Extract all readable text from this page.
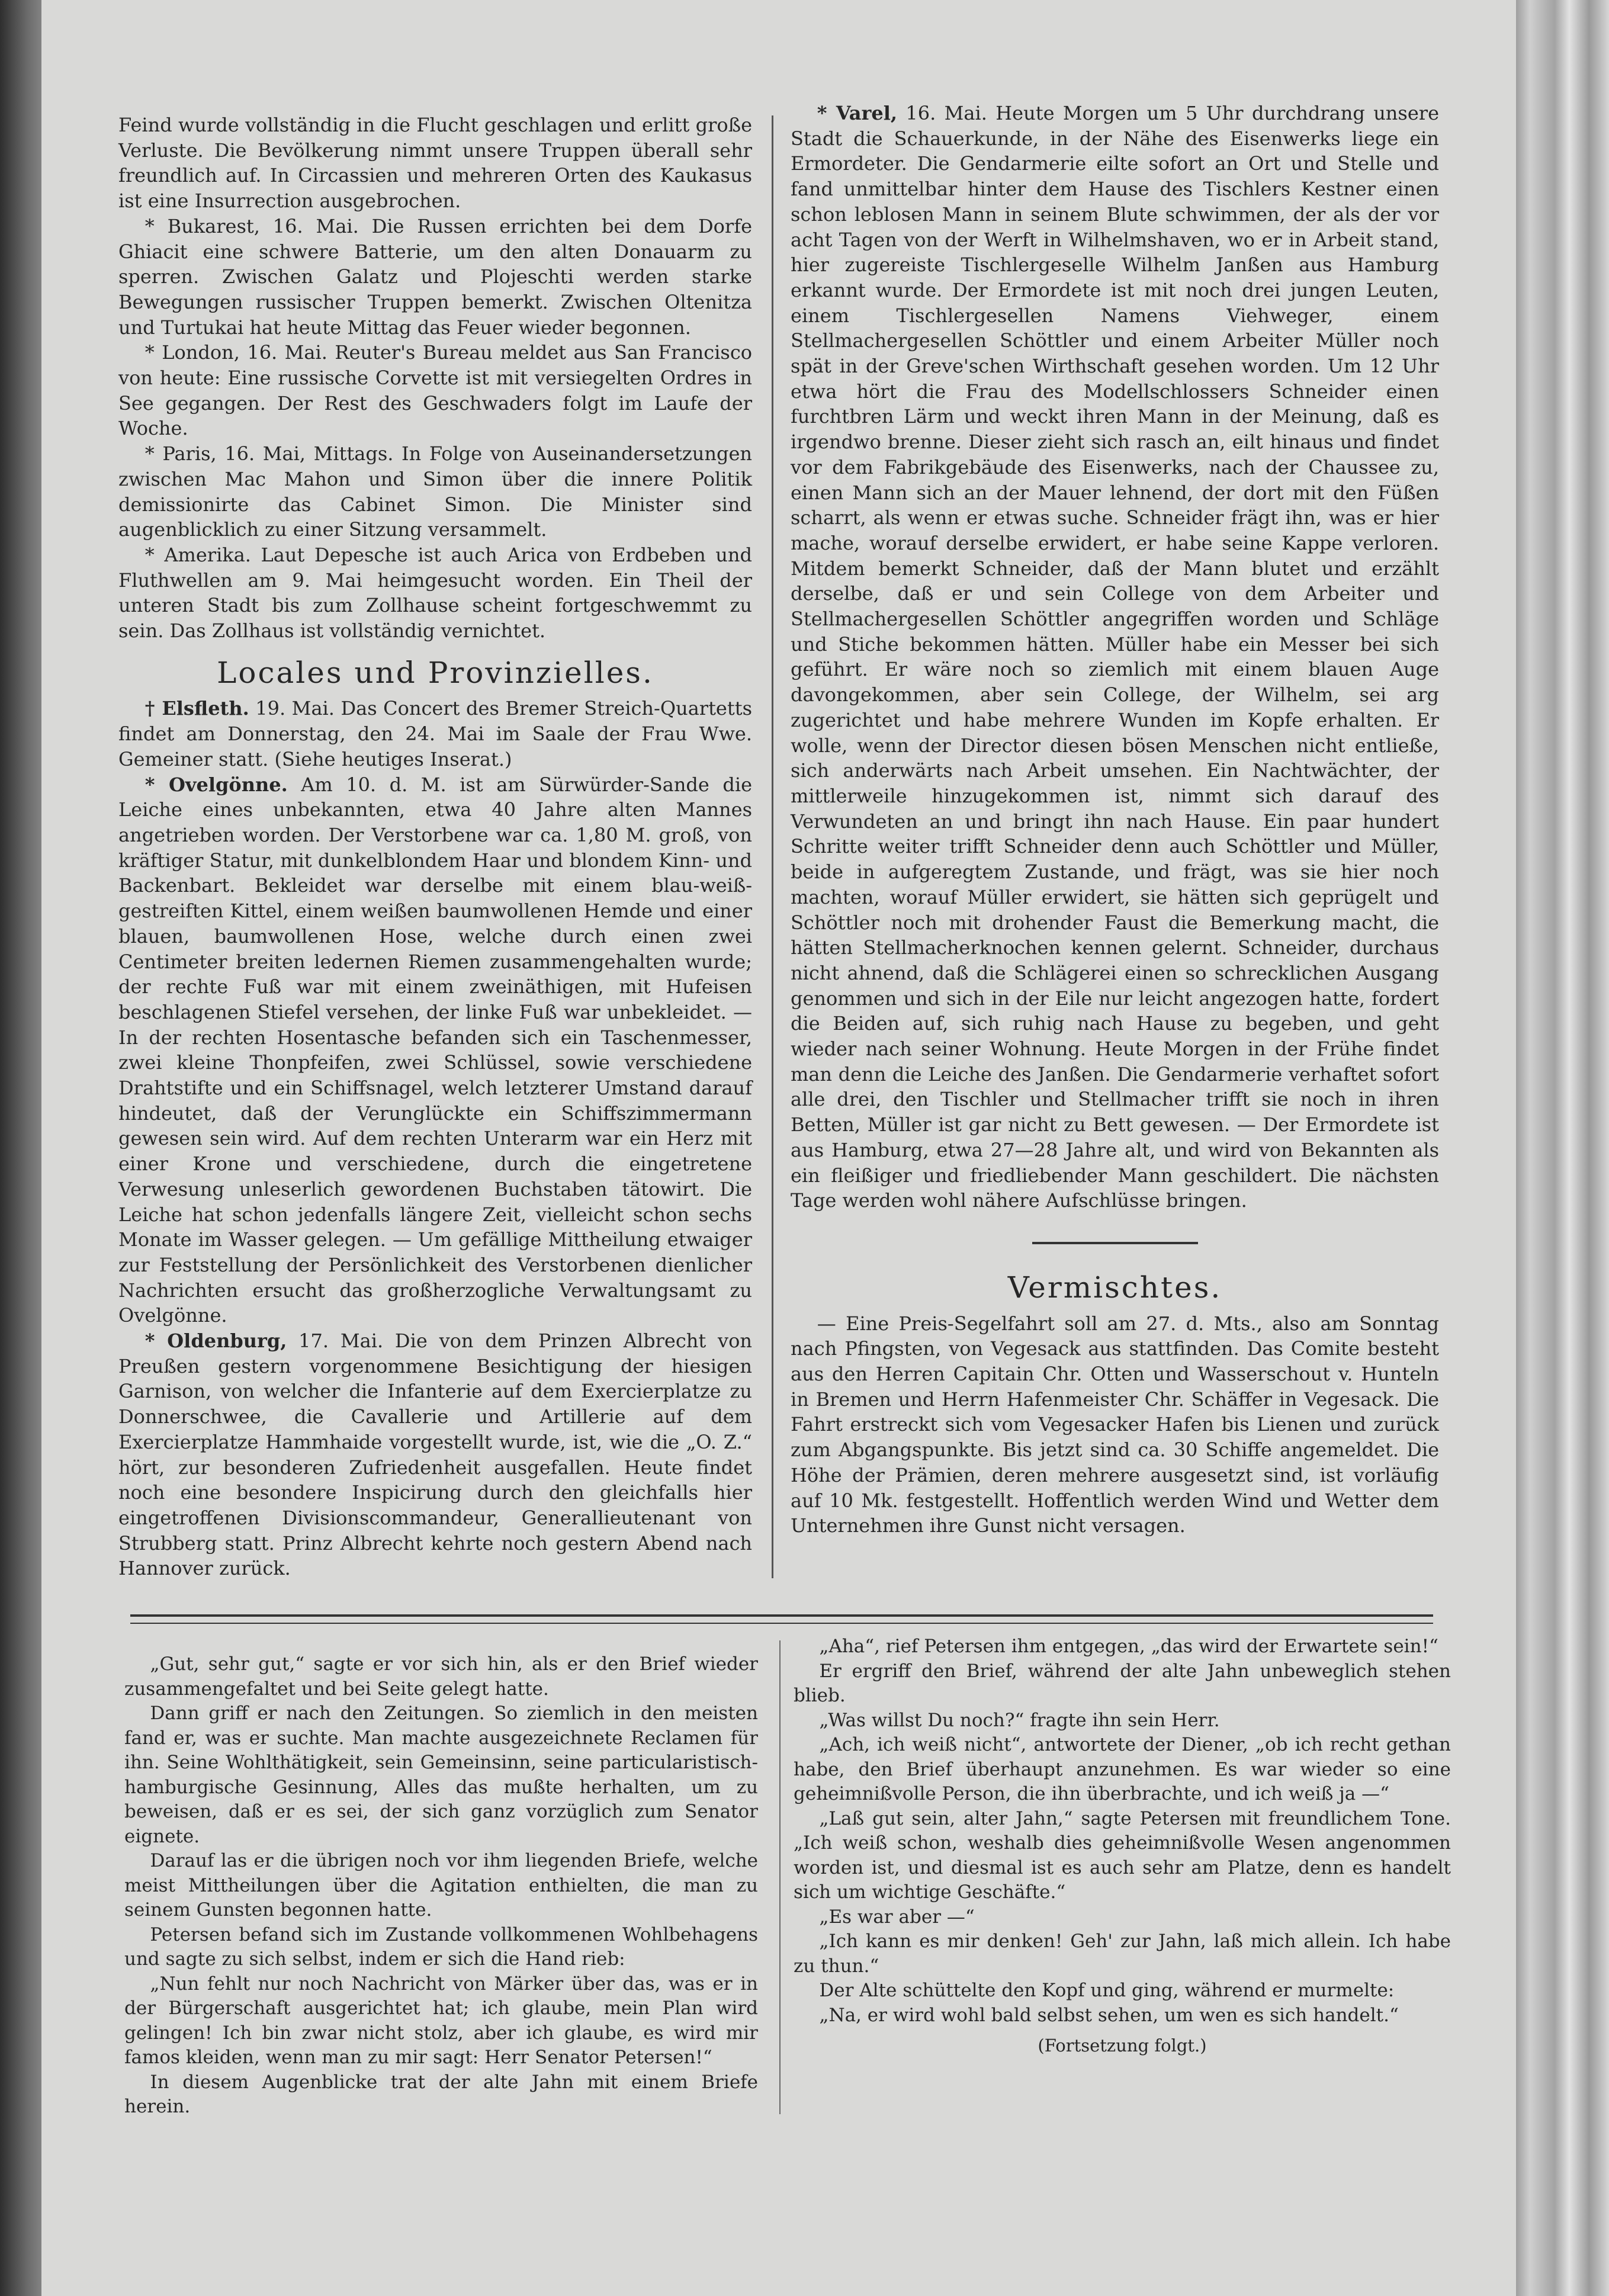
Feind wurde vollständig in die Flucht geschlagen und erlitt große Verluste. Die Bevölkerung nimmt unsere Truppen überall sehr freundlich auf. In Circassien und mehreren Orten des Kaukasus ist eine Insurrection ausgebrochen.

* Bukarest, 16. Mai. Die Russen errichten bei dem Dorfe Ghiacit eine schwere Batterie, um den alten Donauarm zu sperren. Zwischen Galatz und Plojeschti werden starke Bewegungen russischer Truppen bemerkt. Zwischen Oltenitza und Turtukai hat heute Mittag das Feuer wieder begonnen.

* London, 16. Mai. Reuter's Bureau meldet aus San Francisco von heute: Eine russische Corvette ist mit versiegelten Ordres in See gegangen. Der Rest des Geschwaders folgt im Laufe der Woche.

* Paris, 16. Mai, Mittags. In Folge von Auseinandersetzungen zwischen Mac Mahon und Simon über die innere Politik demissionirte das Cabinet Simon. Die Minister sind augenblicklich zu einer Sitzung versammelt.

* Amerika. Laut Depesche ist auch Arica von Erdbeben und Fluthwellen am 9. Mai heimgesucht worden. Ein Theil der unteren Stadt bis zum Zollhause scheint fortgeschwemmt zu sein. Das Zollhaus ist vollständig vernichtet.

Locales und Provinzielles.

† Elsfleth. 19. Mai. Das Concert des Bremer Streich-Quartetts findet am Donnerstag, den 24. Mai im Saale der Frau Wwe. Gemeiner statt. (Siehe heutiges Inserat.)

* Ovelgönne. Am 10. d. M. ist am Sürwürder-Sande die Leiche eines unbekannten, etwa 40 Jahre alten Mannes angetrieben worden. Der Verstorbene war ca. 1,80 M. groß, von kräftiger Statur, mit dunkelblondem Haar und blondem Kinn- und Backenbart. Bekleidet war derselbe mit einem blau-weiß-gestreiften Kittel, einem weißen baumwollenen Hemde und einer blauen, baumwollenen Hose, welche durch einen zwei Centimeter breiten ledernen Riemen zusammengehalten wurde; der rechte Fuß war mit einem zweinäthigen, mit Hufeisen beschlagenen Stiefel versehen, der linke Fuß war unbekleidet. — In der rechten Hosentasche befanden sich ein Taschenmesser, zwei kleine Thonpfeifen, zwei Schlüssel, sowie verschiedene Drahtstifte und ein Schiffsnagel, welch letzterer Umstand darauf hindeutet, daß der Verunglückte ein Schiffszimmermann gewesen sein wird. Auf dem rechten Unterarm war ein Herz mit einer Krone und verschiedene, durch die eingetretene Verwesung unleserlich gewordenen Buchstaben tätowirt. Die Leiche hat schon jedenfalls längere Zeit, vielleicht schon sechs Monate im Wasser gelegen. — Um gefällige Mittheilung etwaiger zur Feststellung der Persönlichkeit des Verstorbenen dienlicher Nachrichten ersucht das großherzogliche Verwaltungsamt zu Ovelgönne.

* Oldenburg, 17. Mai. Die von dem Prinzen Albrecht von Preußen gestern vorgenommene Besichtigung der hiesigen Garnison, von welcher die Infanterie auf dem Exercierplatze zu Donnerschwee, die Cavallerie und Artillerie auf dem Exercierplatze Hammhaide vorgestellt wurde, ist, wie die „O. Z.“ hört, zur besonderen Zufriedenheit ausgefallen. Heute findet noch eine besondere Inspicirung durch den gleichfalls hier eingetroffenen Divisionscommandeur, Generallieutenant von Strubberg statt. Prinz Albrecht kehrte noch gestern Abend nach Hannover zurück.

* Varel, 16. Mai. Heute Morgen um 5 Uhr durchdrang unsere Stadt die Schauerkunde, in der Nähe des Eisenwerks liege ein Ermordeter. Die Gendarmerie eilte sofort an Ort und Stelle und fand unmittelbar hinter dem Hause des Tischlers Kestner einen schon leblosen Mann in seinem Blute schwimmen, der als der vor acht Tagen von der Werft in Wilhelmshaven, wo er in Arbeit stand, hier zugereiste Tischlergeselle Wilhelm Janßen aus Hamburg erkannt wurde. Der Ermordete ist mit noch drei jungen Leuten, einem Tischlergesellen Namens Viehweger, einem Stellmachergesellen Schöttler und einem Arbeiter Müller noch spät in der Greve'schen Wirthschaft gesehen worden. Um 12 Uhr etwa hört die Frau des Modellschlossers Schneider einen furchtbren Lärm und weckt ihren Mann in der Meinung, daß es irgendwo brenne. Dieser zieht sich rasch an, eilt hinaus und findet vor dem Fabrikgebäude des Eisenwerks, nach der Chaussee zu, einen Mann sich an der Mauer lehnend, der dort mit den Füßen scharrt, als wenn er etwas suche. Schneider frägt ihn, was er hier mache, worauf derselbe erwidert, er habe seine Kappe verloren. Mitdem bemerkt Schneider, daß der Mann blutet und erzählt derselbe, daß er und sein College von dem Arbeiter und Stellmachergesellen Schöttler angegriffen worden und Schläge und Stiche bekommen hätten. Müller habe ein Messer bei sich geführt. Er wäre noch so ziemlich mit einem blauen Auge davongekommen, aber sein College, der Wilhelm, sei arg zugerichtet und habe mehrere Wunden im Kopfe erhalten. Er wolle, wenn der Director diesen bösen Menschen nicht entließe, sich anderwärts nach Arbeit umsehen. Ein Nachtwächter, der mittlerweile hinzugekommen ist, nimmt sich darauf des Verwundeten an und bringt ihn nach Hause. Ein paar hundert Schritte weiter trifft Schneider denn auch Schöttler und Müller, beide in aufgeregtem Zustande, und frägt, was sie hier noch machten, worauf Müller erwidert, sie hätten sich geprügelt und Schöttler noch mit drohender Faust die Bemerkung macht, die hätten Stellmacherknochen kennen gelernt. Schneider, durchaus nicht ahnend, daß die Schlägerei einen so schrecklichen Ausgang genommen und sich in der Eile nur leicht angezogen hatte, fordert die Beiden auf, sich ruhig nach Hause zu begeben, und geht wieder nach seiner Wohnung. Heute Morgen in der Frühe findet man denn die Leiche des Janßen. Die Gendarmerie verhaftet sofort alle drei, den Tischler und Stellmacher trifft sie noch in ihren Betten, Müller ist gar nicht zu Bett gewesen. — Der Ermordete ist aus Hamburg, etwa 27—28 Jahre alt, und wird von Bekannten als ein fleißiger und friedliebender Mann geschildert. Die nächsten Tage werden wohl nähere Aufschlüsse bringen.

Vermischtes.

— Eine Preis-Segelfahrt soll am 27. d. Mts., also am Sonntag nach Pfingsten, von Vegesack aus stattfinden. Das Comite besteht aus den Herren Capitain Chr. Otten und Wasserschout v. Hunteln in Bremen und Herrn Hafenmeister Chr. Schäffer in Vegesack. Die Fahrt erstreckt sich vom Vegesacker Hafen bis Lienen und zurück zum Abgangspunkte. Bis jetzt sind ca. 30 Schiffe angemeldet. Die Höhe der Prämien, deren mehrere ausgesetzt sind, ist vorläufig auf 10 Mk. festgestellt. Hoffentlich werden Wind und Wetter dem Unternehmen ihre Gunst nicht versagen.

„Gut, sehr gut,“ sagte er vor sich hin, als er den Brief wieder zusammengefaltet und bei Seite gelegt hatte.

Dann griff er nach den Zeitungen. So ziemlich in den meisten fand er, was er suchte. Man machte ausgezeichnete Reclamen für ihn. Seine Wohlthätigkeit, sein Gemeinsinn, seine particularistisch-hamburgische Gesinnung, Alles das mußte herhalten, um zu beweisen, daß er es sei, der sich ganz vorzüglich zum Senator eignete.

Darauf las er die übrigen noch vor ihm liegenden Briefe, welche meist Mittheilungen über die Agitation enthielten, die man zu seinem Gunsten begonnen hatte.

Petersen befand sich im Zustande vollkommenen Wohlbehagens und sagte zu sich selbst, indem er sich die Hand rieb:

„Nun fehlt nur noch Nachricht von Märker über das, was er in der Bürgerschaft ausgerichtet hat; ich glaube, mein Plan wird gelingen! Ich bin zwar nicht stolz, aber ich glaube, es wird mir famos kleiden, wenn man zu mir sagt: Herr Senator Petersen!“

In diesem Augenblicke trat der alte Jahn mit einem Briefe herein.

„Aha“, rief Petersen ihm entgegen, „das wird der Erwartete sein!“

Er ergriff den Brief, während der alte Jahn unbeweglich stehen blieb.

„Was willst Du noch?“ fragte ihn sein Herr.

„Ach, ich weiß nicht“, antwortete der Diener, „ob ich recht gethan habe, den Brief überhaupt anzunehmen. Es war wieder so eine geheimnißvolle Person, die ihn überbrachte, und ich weiß ja —“

„Laß gut sein, alter Jahn,“ sagte Petersen mit freundlichem Tone. „Ich weiß schon, weshalb dies geheimnißvolle Wesen angenommen worden ist, und diesmal ist es auch sehr am Platze, denn es handelt sich um wichtige Geschäfte.“

„Es war aber —“

„Ich kann es mir denken! Geh' zur Jahn, laß mich allein. Ich habe zu thun.“

Der Alte schüttelte den Kopf und ging, während er murmelte:

„Na, er wird wohl bald selbst sehen, um wen es sich handelt.“

(Fortsetzung folgt.)
